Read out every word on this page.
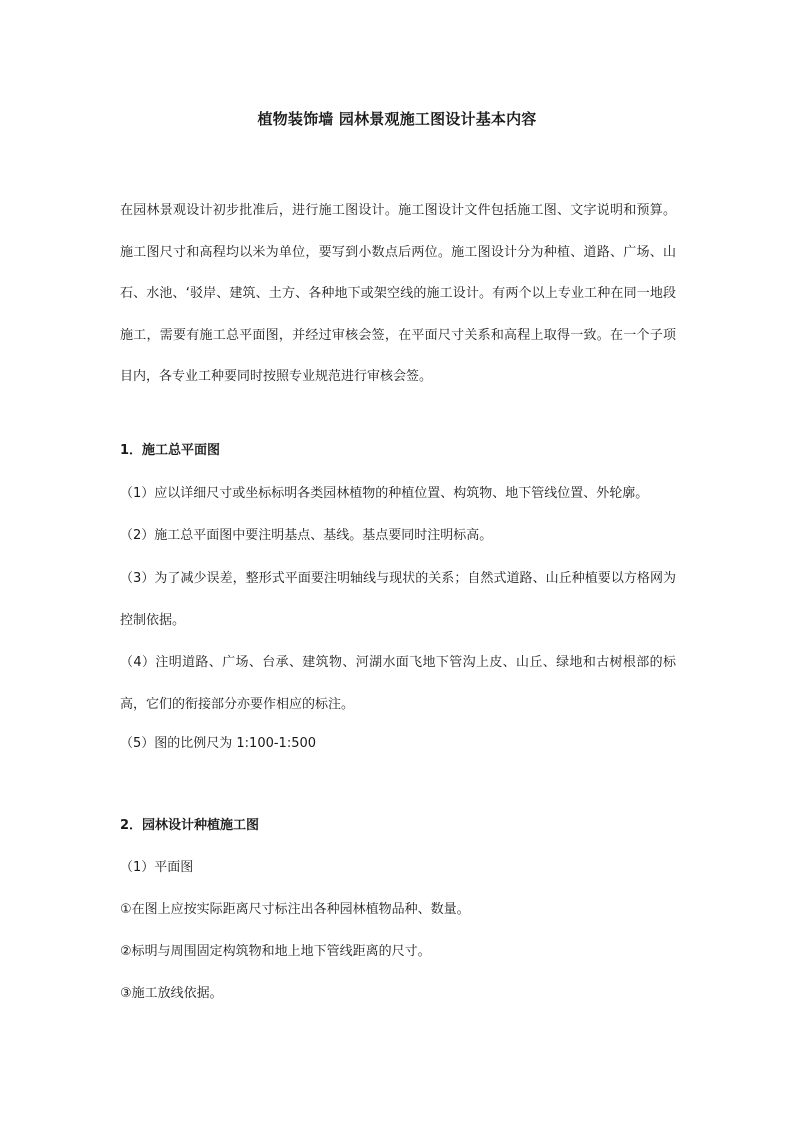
植物装饰墙 园林景观施工图设计基本内容

在园林景观设计初步批准后，进行施工图设计。施工图设计文件包括施工图、文字说明和预算。施工图尺寸和高程均以米为单位，要写到小数点后两位。施工图设计分为种植、道路、广场、山石、水池、‘驳岸、建筑、土方、各种地下或架空线的施工设计。有两个以上专业工种在同一地段施工，需要有施工总平面图，并经过审核会签，在平面尺寸关系和高程上取得一致。在一个子项目内，各专业工种要同时按照专业规范进行审核会签。

1．施工总平面图
（1）应以详细尺寸或坐标标明各类园林植物的种植位置、构筑物、地下管线位置、外轮廓。
（2）施工总平面图中要注明基点、基线。基点要同时注明标高。
（3）为了减少误差，整形式平面要注明轴线与现状的关系；自然式道路、山丘种植要以方格网为控制依据。
（4）注明道路、广场、台承、建筑物、河湖水面飞地下管沟上皮、山丘、绿地和古树根部的标高，它们的衔接部分亦要作相应的标注。
（5）图的比例尺为 1:100-1:500
2．园林设计种植施工图
（1）平面图
①在图上应按实际距离尺寸标注出各种园林植物品种、数量。
②标明与周围固定构筑物和地上地下管线距离的尺寸。
③施工放线依据。
